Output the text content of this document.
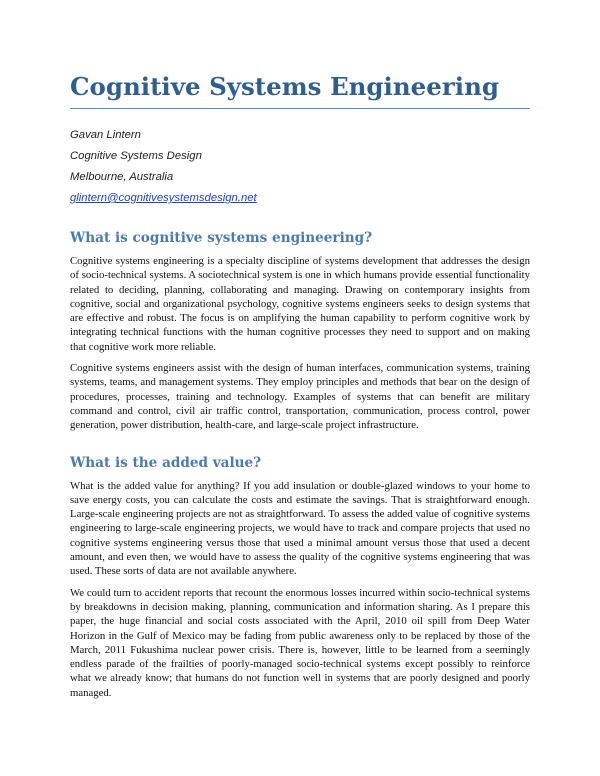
Cognitive Systems Engineering
Gavan Lintern
Cognitive Systems Design
Melbourne, Australia
glintern@cognitivesystemsdesign.net
What is cognitive systems engineering?

Cognitive systems engineering is a specialty discipline of systems development that addresses the design of socio-technical systems. A sociotechnical system is one in which humans provide essential functionality related to deciding, planning, collaborating and managing. Drawing on contemporary insights from cognitive, social and organizational psychology, cognitive systems engineers seeks to design systems that are effective and robust. The focus is on amplifying the human capability to perform cognitive work by integrating technical functions with the human cognitive processes they need to support and on making that cognitive work more reliable.

Cognitive systems engineers assist with the design of human interfaces, communication systems, training systems, teams, and management systems. They employ principles and methods that bear on the design of procedures, processes, training and technology. Examples of systems that can benefit are military command and control, civil air traffic control, transportation, communication, process control, power generation, power distribution, health-care, and large-scale project infrastructure.

What is the added value?

What is the added value for anything? If you add insulation or double-glazed windows to your home to save energy costs, you can calculate the costs and estimate the savings. That is straightforward enough. Large-scale engineering projects are not as straightforward. To assess the added value of cognitive systems engineering to large-scale engineering projects, we would have to track and compare projects that used no cognitive systems engineering versus those that used a minimal amount versus those that used a decent amount, and even then, we would have to assess the quality of the cognitive systems engineering that was used. These sorts of data are not available anywhere.

We could turn to accident reports that recount the enormous losses incurred within socio-technical systems by breakdowns in decision making, planning, communication and information sharing. As I prepare this paper, the huge financial and social costs associated with the April, 2010 oil spill from Deep Water Horizon in the Gulf of Mexico may be fading from public awareness only to be replaced by those of the March, 2011 Fukushima nuclear power crisis. There is, however, little to be learned from a seemingly endless parade of the frailties of poorly-managed socio-technical systems except possibly to reinforce what we already know; that humans do not function well in systems that are poorly designed and poorly managed.
